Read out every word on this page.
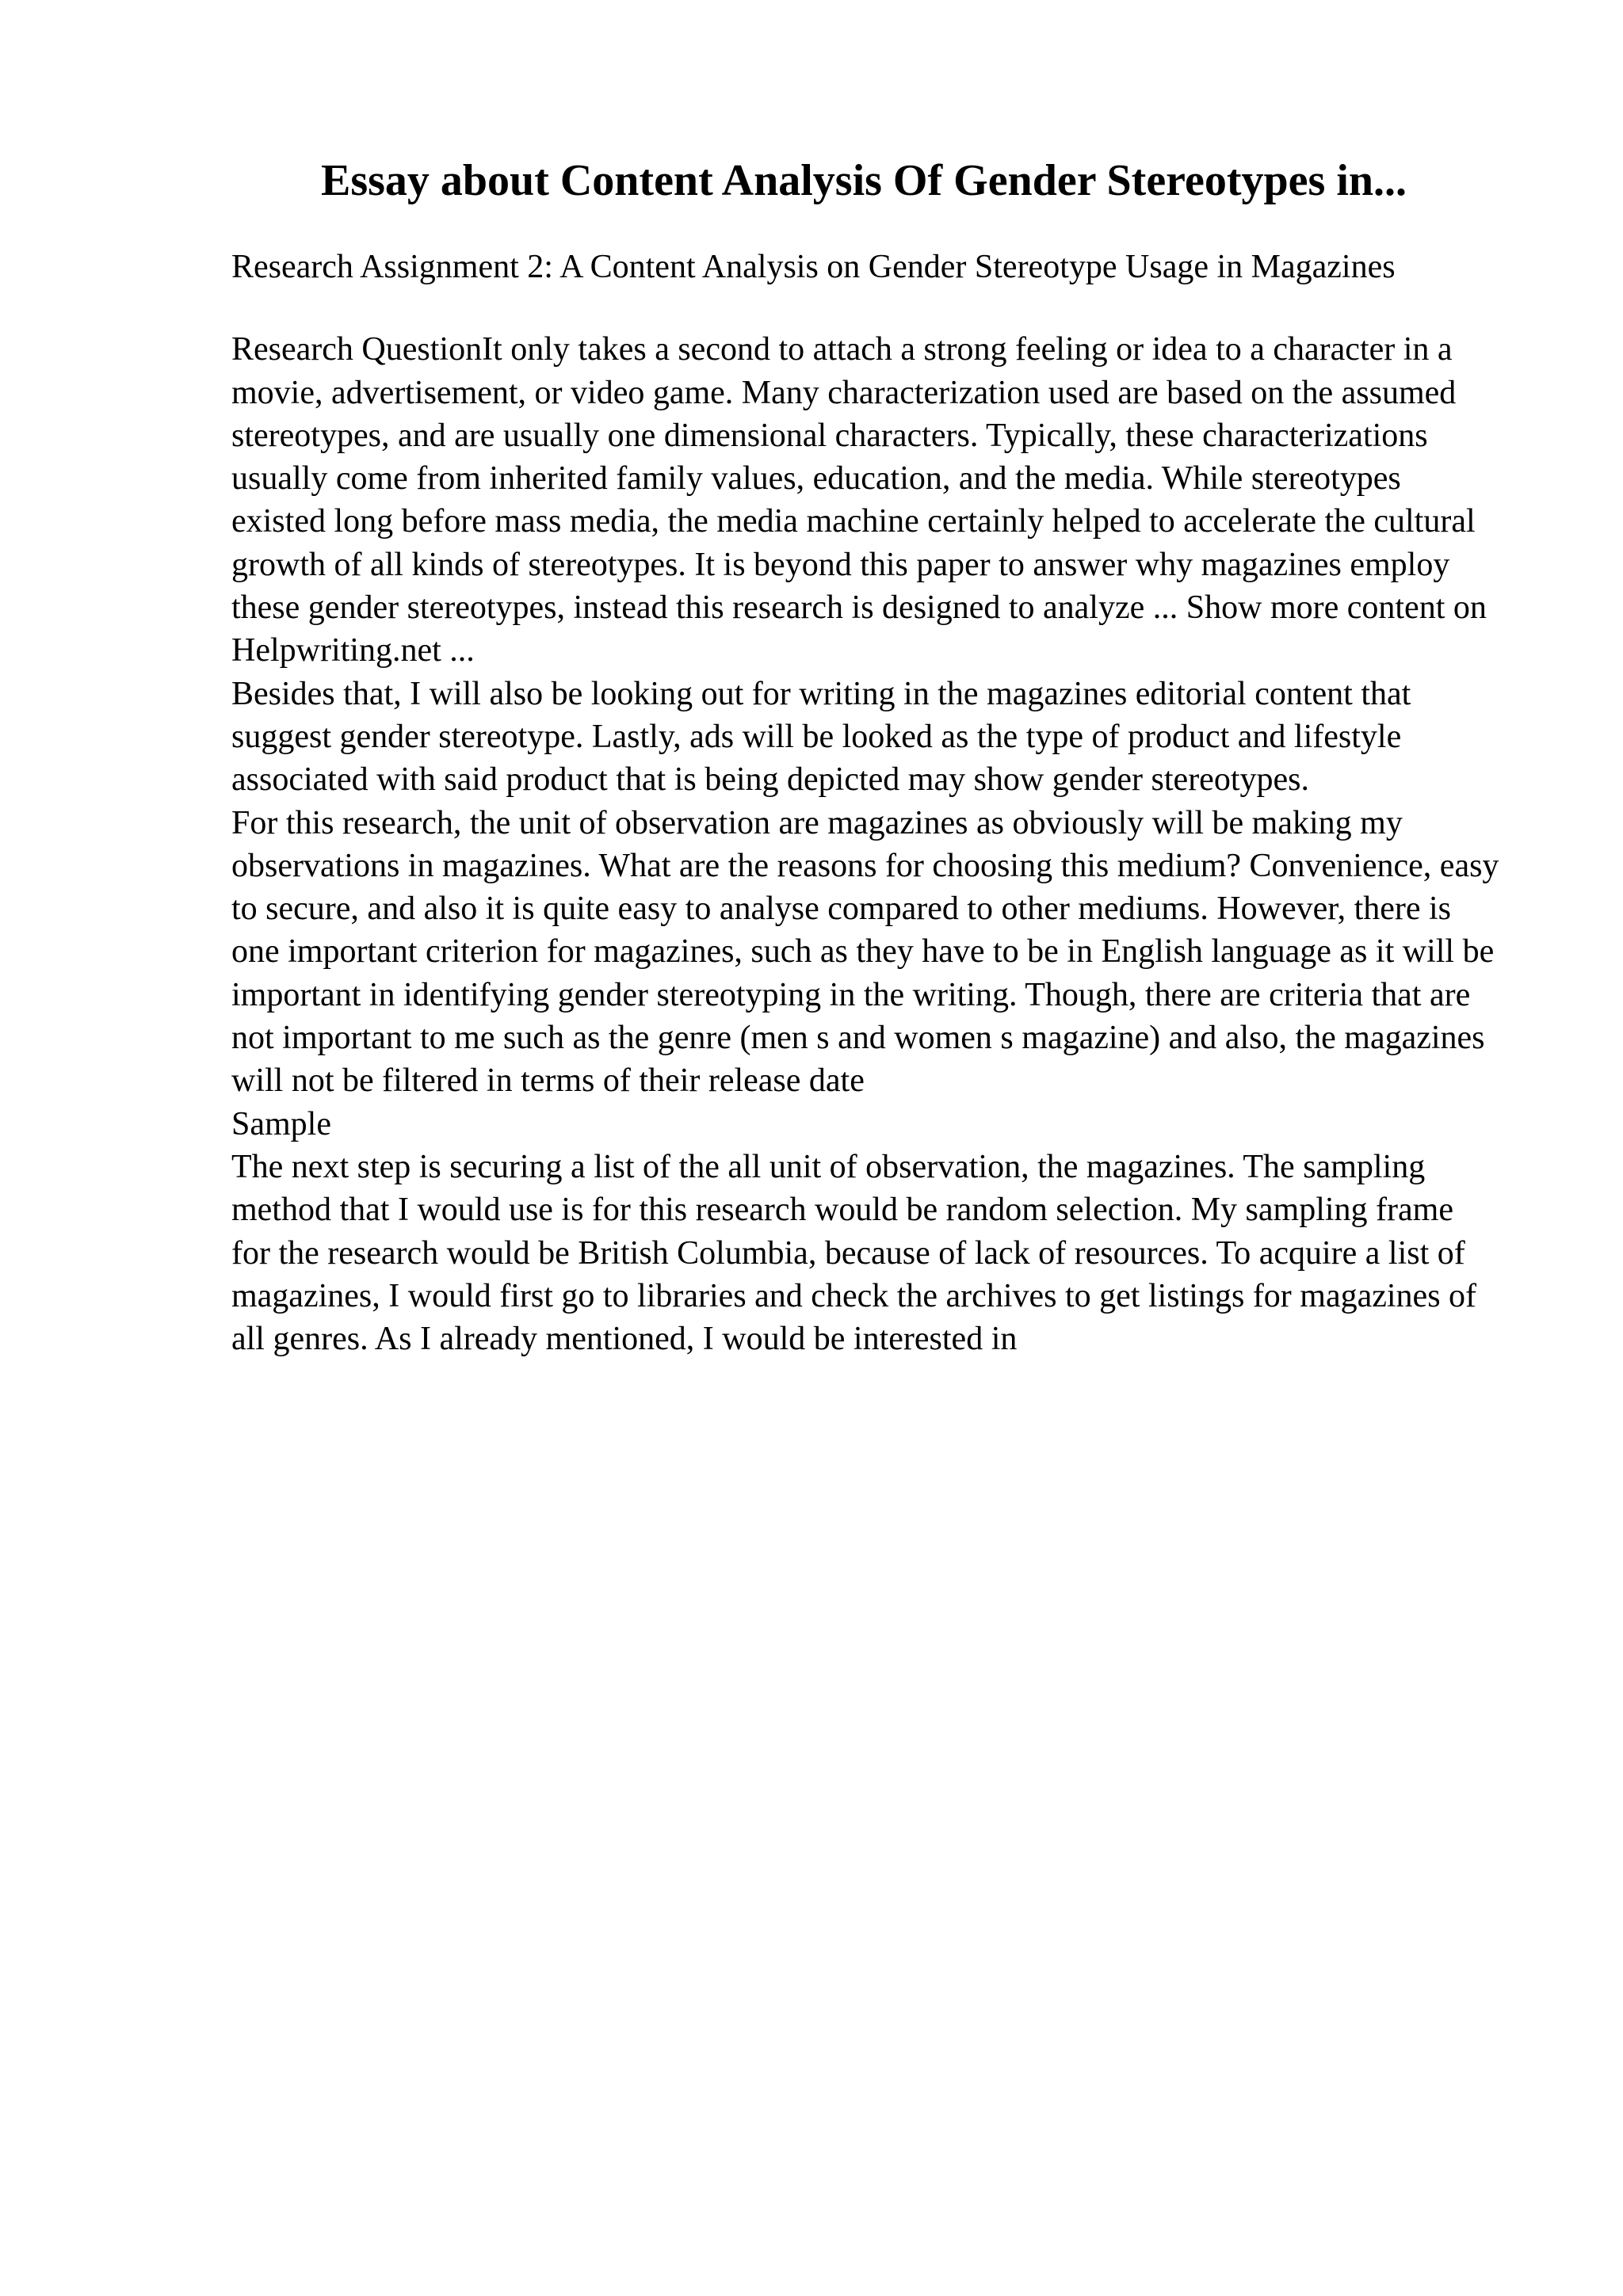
Essay about Content Analysis Of Gender Stereotypes in...

Research Assignment 2: A Content Analysis on Gender Stereotype Usage in Magazines

Research QuestionIt only takes a second to attach a strong feeling or idea to a character in a movie, advertisement, or video game. Many characterization used are based on the assumed stereotypes, and are usually one dimensional characters. Typically, these characterizations usually come from inherited family values, education, and the media. While stereotypes existed long before mass media, the media machine certainly helped to accelerate the cultural growth of all kinds of stereotypes. It is beyond this paper to answer why magazines employ these gender stereotypes, instead this research is designed to analyze ... Show more content on Helpwriting.net ...

Besides that, I will also be looking out for writing in the magazines editorial content that suggest gender stereotype. Lastly, ads will be looked as the type of product and lifestyle associated with said product that is being depicted may show gender stereotypes.

For this research, the unit of observation are magazines as obviously will be making my observations in magazines. What are the reasons for choosing this medium? Convenience, easy to secure, and also it is quite easy to analyse compared to other mediums. However, there is one important criterion for magazines, such as they have to be in English language as it will be important in identifying gender stereotyping in the writing. Though, there are criteria that are not important to me such as the genre (men s and women s magazine) and also, the magazines will not be filtered in terms of their release date

Sample

The next step is securing a list of the all unit of observation, the magazines. The sampling method that I would use is for this research would be random selection. My sampling frame for the research would be British Columbia, because of lack of resources. To acquire a list of magazines, I would first go to libraries and check the archives to get listings for magazines of all genres. As I already mentioned, I would be interested in
